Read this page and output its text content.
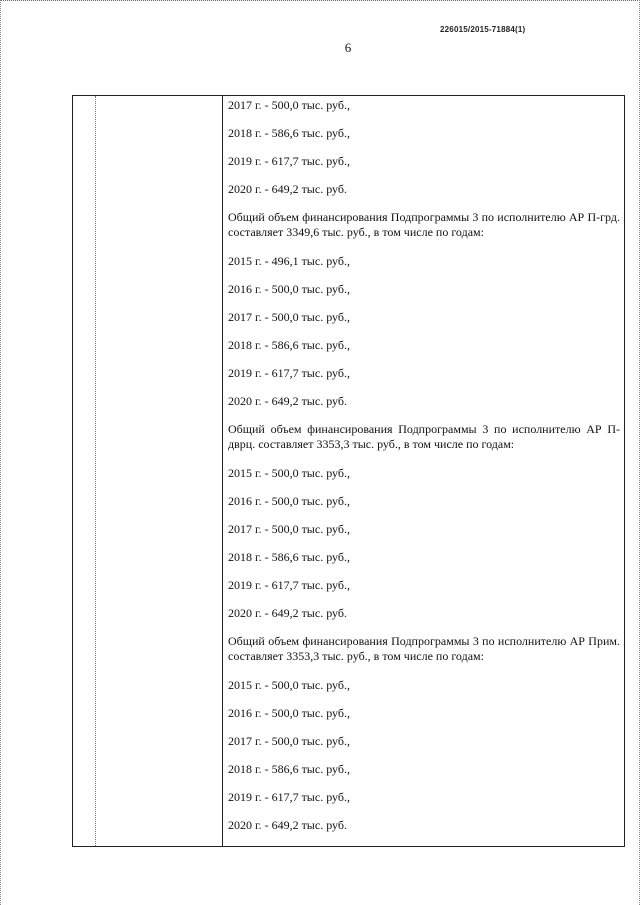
226015/2015-71884(1)
6
2017 г. - 500,0 тыс. руб.,
2018 г. - 586,6 тыс. руб.,
2019 г. - 617,7 тыс. руб.,
2020 г. - 649,2 тыс. руб.
Общий объем финансирования Подпрограммы 3 по исполнителю АР П-грд. составляет 3349,6 тыс. руб., в том числе по годам:
2015 г. - 496,1 тыс. руб.,
2016 г. - 500,0 тыс. руб.,
2017 г. - 500,0 тыс. руб.,
2018 г. - 586,6 тыс. руб.,
2019 г. - 617,7 тыс. руб.,
2020 г. - 649,2 тыс. руб.
Общий объем финансирования Подпрограммы 3 по исполнителю АР П-дврц. составляет 3353,3 тыс. руб., в том числе по годам:
2015 г. - 500,0 тыс. руб.,
2016 г. - 500,0 тыс. руб.,
2017 г. - 500,0 тыс. руб.,
2018 г. - 586,6 тыс. руб.,
2019 г. - 617,7 тыс. руб.,
2020 г. - 649,2 тыс. руб.
Общий объем финансирования Подпрограммы 3 по исполнителю АР Прим. составляет 3353,3 тыс. руб., в том числе по годам:
2015 г. - 500,0 тыс. руб.,
2016 г. - 500,0 тыс. руб.,
2017 г. - 500,0 тыс. руб.,
2018 г. - 586,6 тыс. руб.,
2019 г. - 617,7 тыс. руб.,
2020 г. - 649,2 тыс. руб.
